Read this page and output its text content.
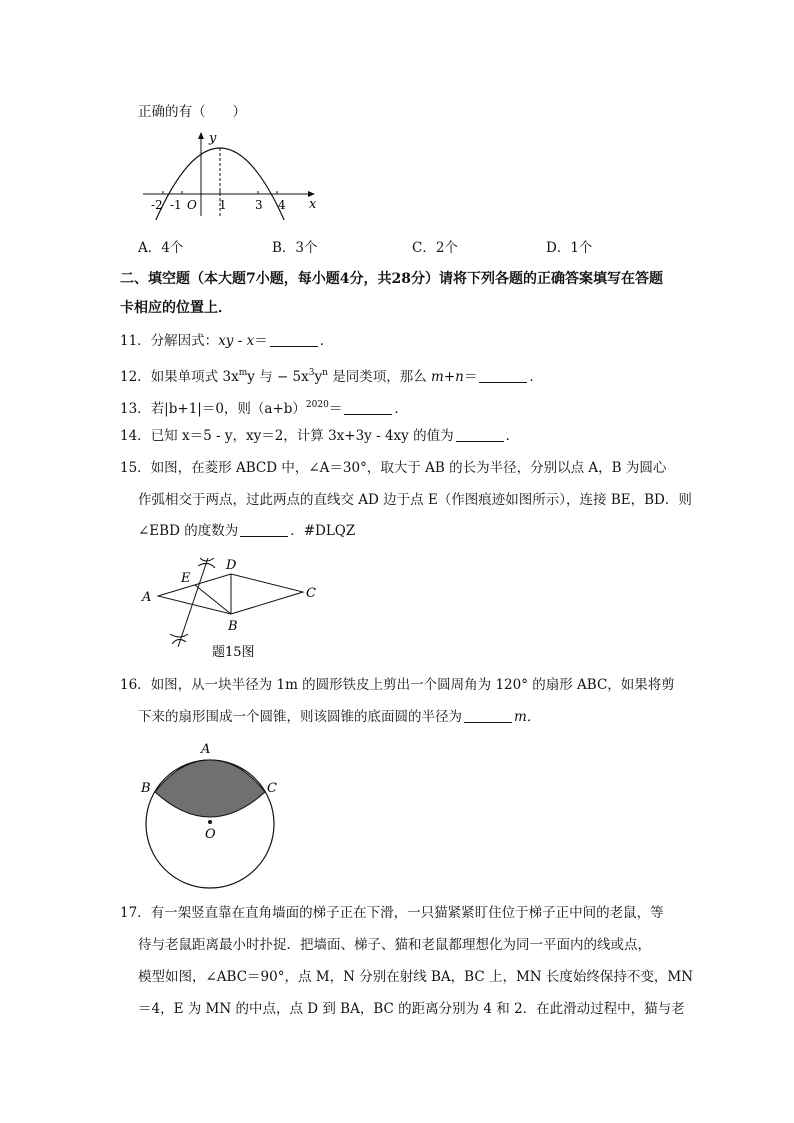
正确的有（　　）
y
x
O
-2 -1	1 3 4
A．4个	B．3个	C．2个	D．1个
二、填空题（本大题7小题，每小题4分，共28分）请将下列各题的正确答案填写在答题
卡相应的位置上．
11．分解因式：xy - x＝	．
12．如果单项式 $3x^my$ 与 − $5x^3y^n$ 是同类项，那么 m+n＝	．
13．若|b+1|＝0，则$(a+b)^{2020}=$	．
14．已知 x＝5 - y，xy＝2，计算 3x+3y - 4xy 的值为	．
15．如图，在菱形 ABCD 中，∠A＝30°，取大于 AB 的长为半径，分别以点 A，B 为圆心
作弧相交于两点，过此两点的直线交 AD 边于点 E（作图痕迹如图所示），连接 BE，BD．则
∠EBD 的度数为	．#DLQZ
A
E
D
C
B
题15图
16．如图，从一块半径为 1m 的圆形铁皮上剪出一个圆周角为 120° 的扇形 ABC，如果将剪
下来的扇形围成一个圆锥，则该圆锥的底面圆的半径为	m．
A
B	C
O
17．有一架竖直靠在直角墙面的梯子正在下滑，一只猫紧紧盯住位于梯子正中间的老鼠，等
待与老鼠距离最小时扑捉．把墙面、梯子、猫和老鼠都理想化为同一平面内的线或点，
模型如图，∠ABC＝90°，点 M，N 分别在射线 BA，BC 上，MN 长度始终保持不变，MN
＝4，E 为 MN 的中点，点 D 到 BA，BC 的距离分别为 4 和 2．在此滑动过程中，猫与老
